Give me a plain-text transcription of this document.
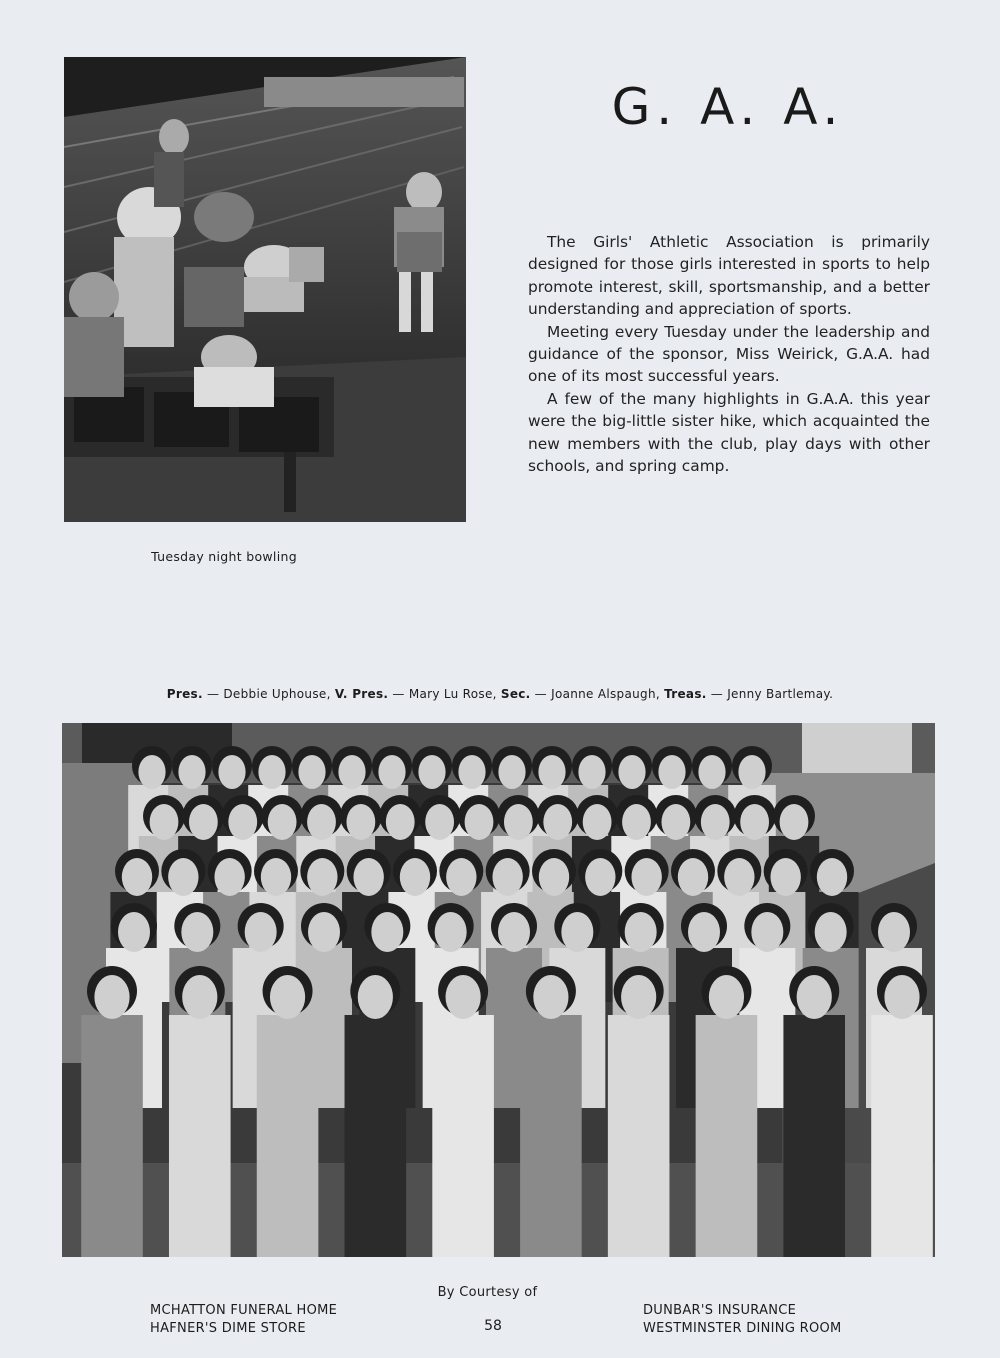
Tuesday night bowling
G. A. A.

The Girls' Athletic Association is primarily designed for those girls interested in sports to help promote interest, skill, sportsmanship, and a better understanding and appreciation of sports.

Meeting every Tuesday under the leadership and guidance of the sponsor, Miss Weirick, G.A.A. had one of its most successful years.

A few of the many highlights in G.A.A. this year were the big-little sister hike, which acquainted the new members with the club, play days with other schools, and spring camp.

Pres. — Debbie Uphouse, V. Pres. — Mary Lu Rose, Sec. — Joanne Alspaugh, Treas. — Jenny Bartlemay.
By Courtesy of
MCHATTON FUNERAL HOME
HAFNER'S DIME STORE	58
DUNBAR'S INSURANCE
WESTMINSTER DINING ROOM
